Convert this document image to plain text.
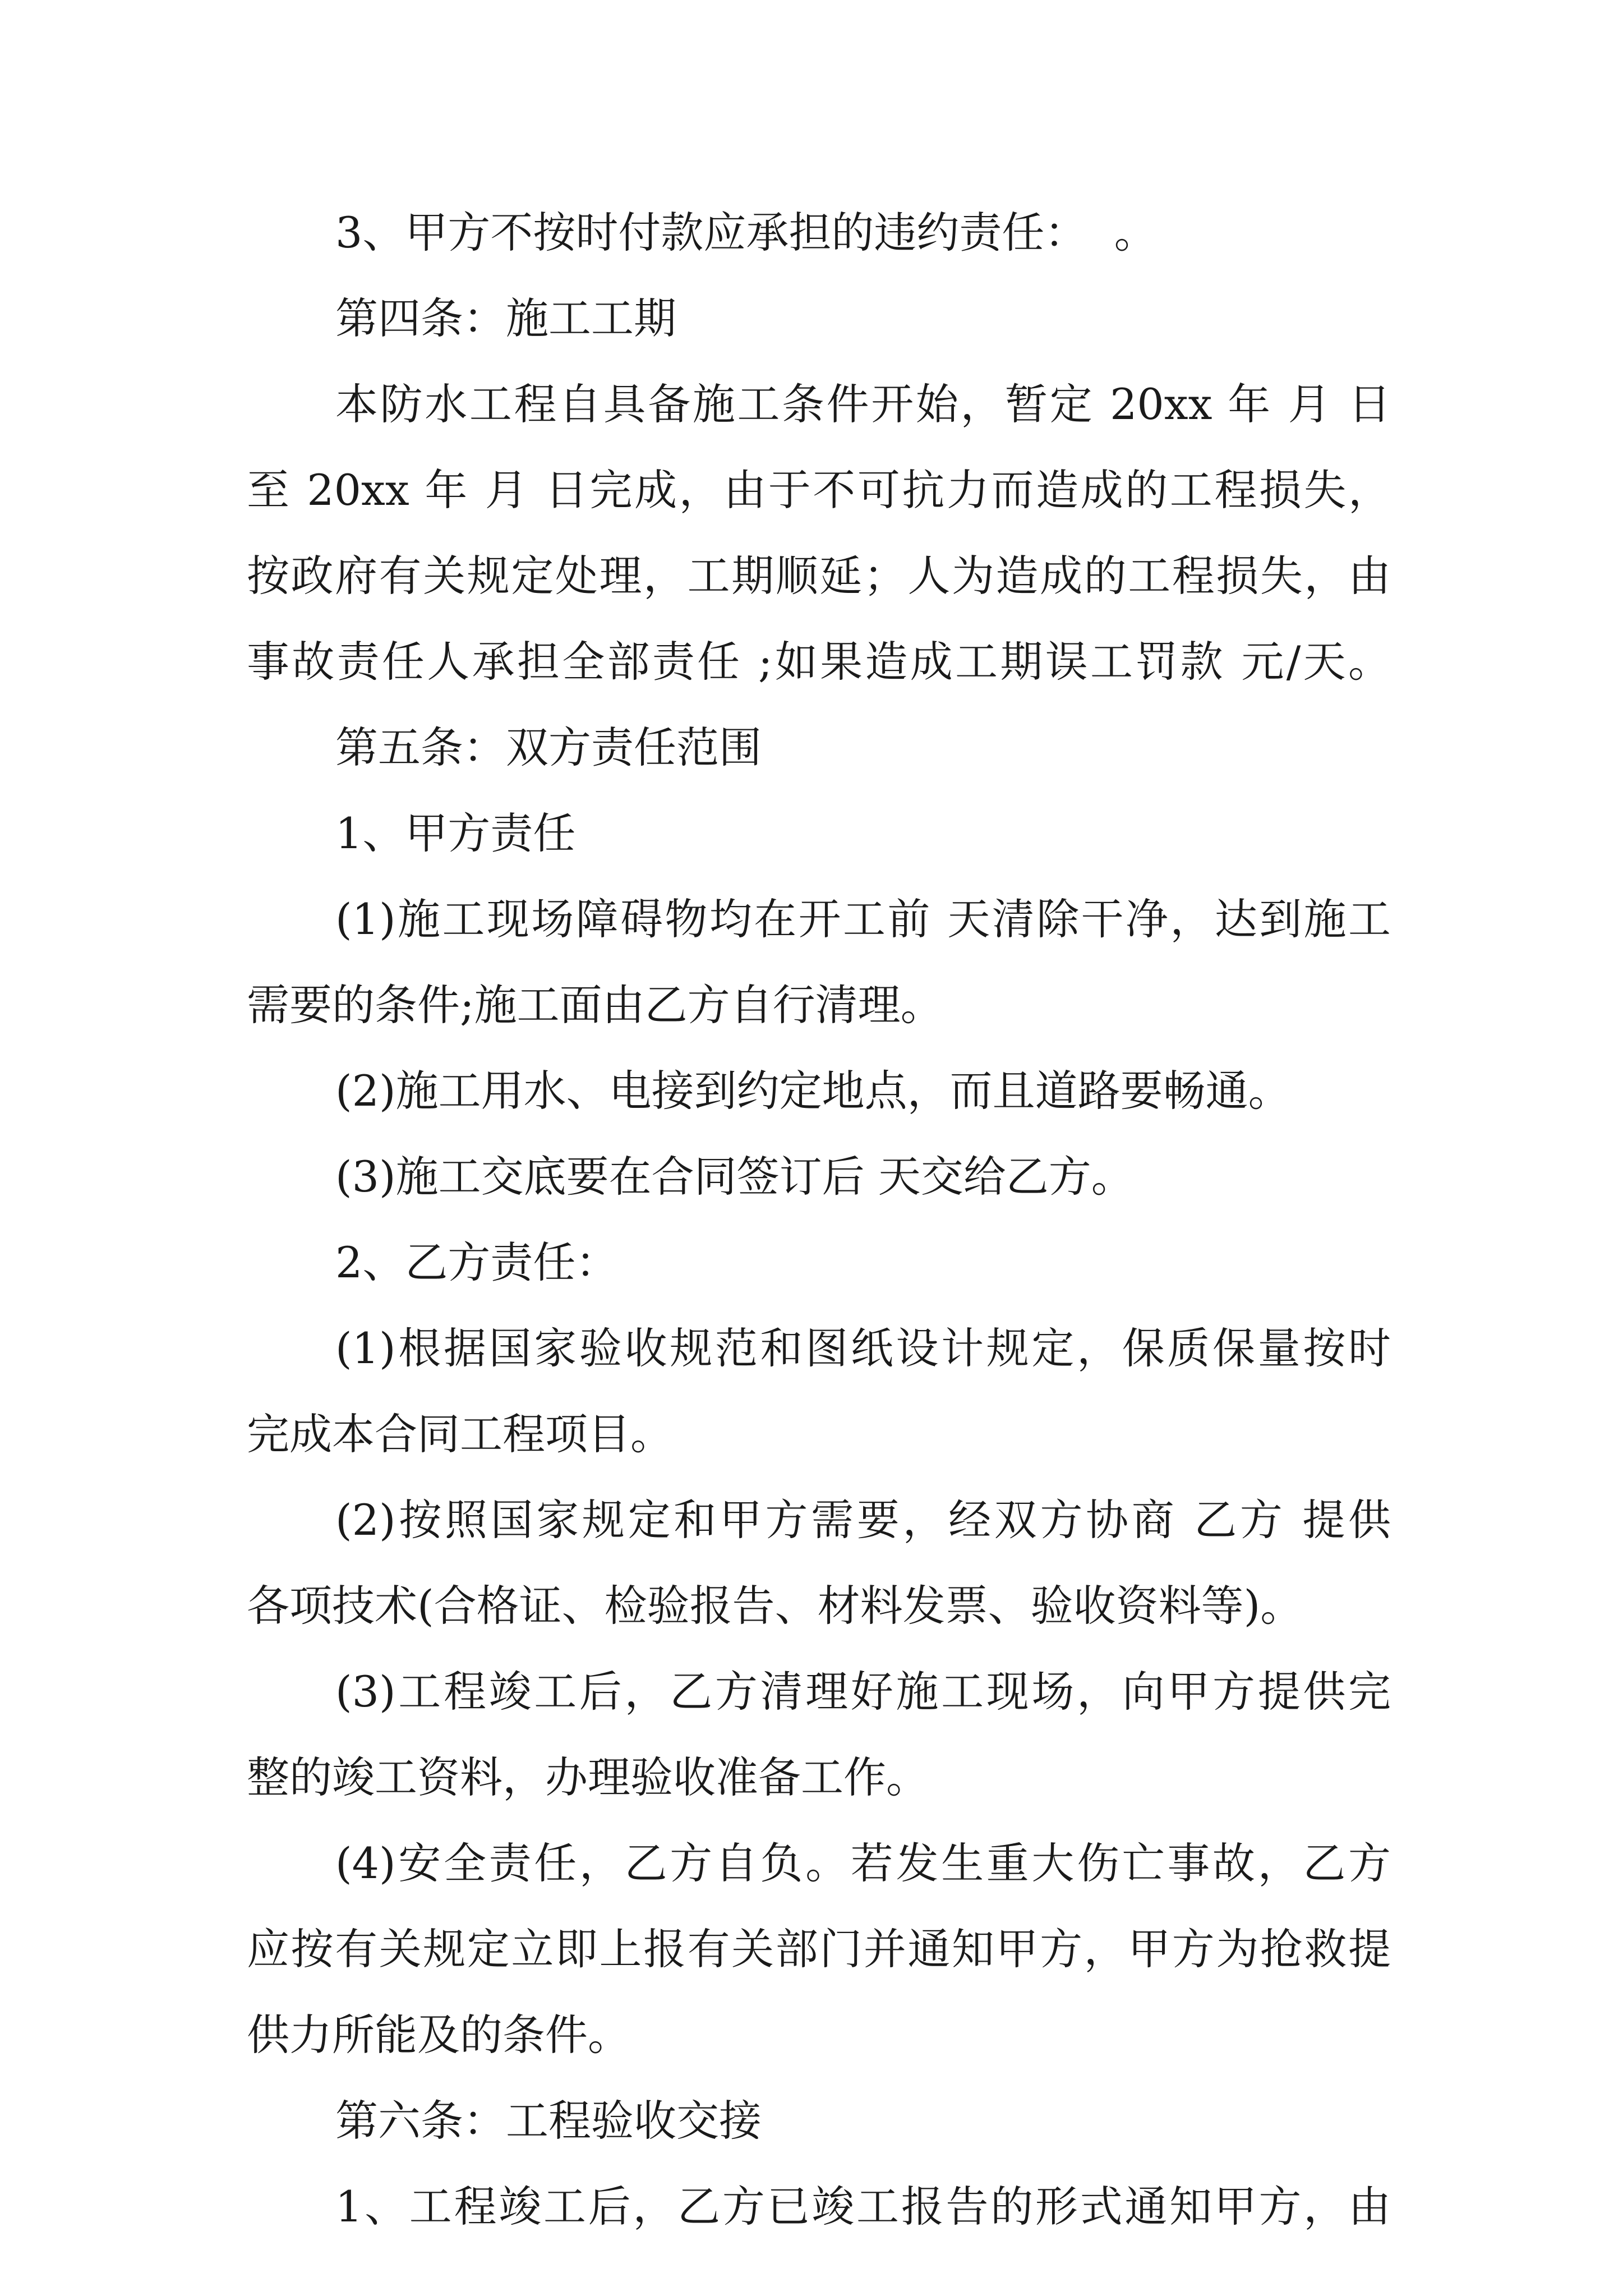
3、甲方不按时付款应承担的违约责任：  。
第四条：施工工期
本防水工程自具备施工条件开始，暂定 20xx 年 月 日
至 20xx 年 月 日完成，由于不可抗力而造成的工程损失，
按政府有关规定处理，工期顺延；人为造成的工程损失，由
事故责任人承担全部责任 ;如果造成工期误工罚款 元/天。
第五条：双方责任范围
1、甲方责任
(1)施工现场障碍物均在开工前 天清除干净，达到施工
需要的条件;施工面由乙方自行清理。
(2)施工用水、电接到约定地点，而且道路要畅通。
(3)施工交底要在合同签订后 天交给乙方。
2、乙方责任：
(1)根据国家验收规范和图纸设计规定，保质保量按时
完成本合同工程项目。
(2)按照国家规定和甲方需要，经双方协商 乙方 提供
各项技术(合格证、检验报告、材料发票、验收资料等)。
(3)工程竣工后，乙方清理好施工现场，向甲方提供完
整的竣工资料，办理验收准备工作。
(4)安全责任，乙方自负。若发生重大伤亡事故，乙方
应按有关规定立即上报有关部门并通知甲方，甲方为抢救提
供力所能及的条件。
第六条：工程验收交接
1、工程竣工后，乙方已竣工报告的形式通知甲方，由
